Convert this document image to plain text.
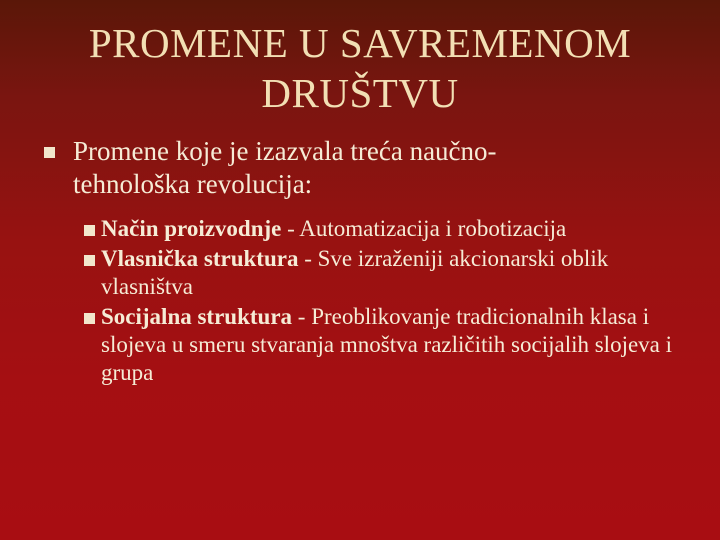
PROMENE U SAVREMENOM
DRUŠTVU
Promene koje je izazvala treća naučno-
tehnološka revolucija:
Način proizvodnje - Automatizacija i robotizacija
Vlasnička struktura - Sve izraženiji akcionarski oblik vlasništva
Socijalna struktura - Preoblikovanje tradicionalnih klasa i slojeva u smeru stvaranja mnoštva različitih socijalih slojeva i grupa
